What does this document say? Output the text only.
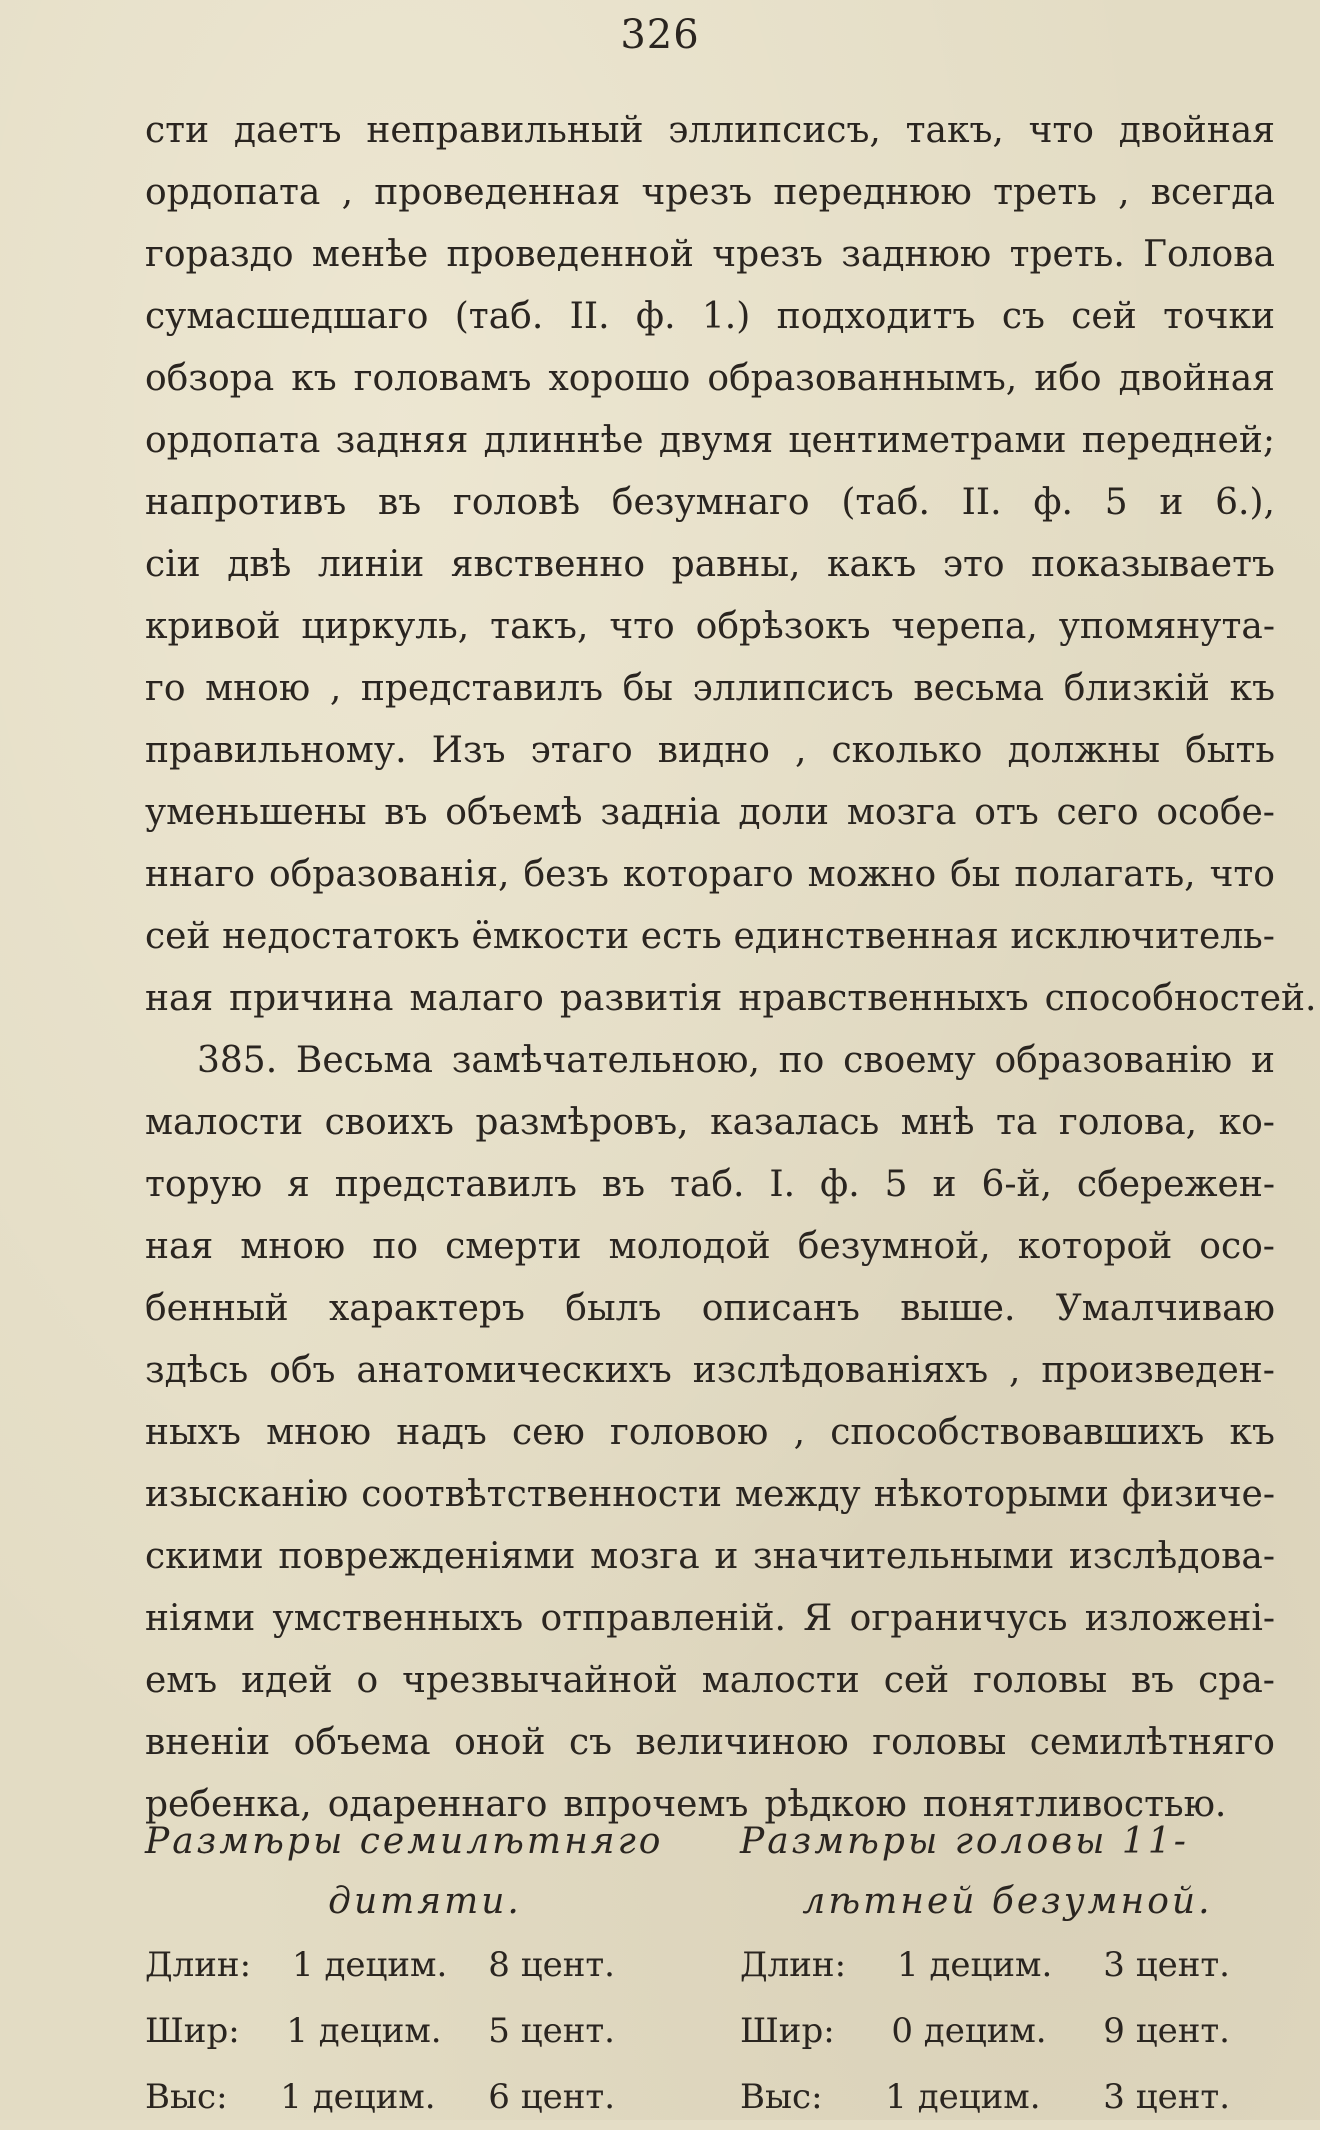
326
сти даетъ неправильный эллипсисъ, такъ, что двойная
ордопата , проведенная чрезъ переднюю треть , всегда
гораздо менѣе проведенной чрезъ заднюю треть. Голова
сумасшедшаго (таб. II. ф. 1.) подходитъ съ сей точки
обзора къ головамъ хорошо образованнымъ, ибо двойная
ордопата задняя длиннѣе двумя центиметрами передней;
напротивъ въ головѣ безумнаго (таб. II. ф. 5 и 6.),
сіи двѣ линіи явственно равны, какъ это показываетъ
кривой циркуль, такъ, что обрѣзокъ черепа, упомянута-
го мною , представилъ бы эллипсисъ весьма близкій къ
правильному. Изъ этаго видно , сколько должны быть
уменьшены въ объемѣ задніа доли мозга отъ сего особе-
ннаго образованія, безъ котораго можно бы полагать, что
сей недостатокъ ёмкости есть единственная исключитель-
ная причина малаго развитія нравственныхъ способностей.
385. Весьма замѣчательною, по своему образованію и
малости своихъ размѣровъ, казалась мнѣ та голова, ко-
торую я представилъ въ таб. I. ф. 5 и 6-й, сбережен-
ная мною по смерти молодой безумной, которой осо-
бенный характеръ былъ описанъ выше. Умалчиваю
здѣсь объ анатомическихъ изслѣдованіяхъ , произведен-
ныхъ мною надъ сею головою , способствовавшихъ къ
изысканію соотвѣтственности между нѣкоторыми физиче-
скими поврежденіями мозга и значительными изслѣдова-
ніями умственныхъ отправленій. Я ограничусь изложені-
емъ идей о чрезвычайной малости сей головы въ сра-
вненіи объема оной съ величиною головы семилѣтняго
ребенка, одареннаго впрочемъ рѣдкою понятливостью.
Размѣры семилѣтняго
дитяти.
Длин: 1 децим. 8 цент.
Шир: 1 децим. 5 цент.
Выс: 1 децим. 6 цент.
Размѣры головы 11-
лѣтней безумной.
Длин: 1 децим. 3 цент.
Шир: 0 децим. 9 цент.
Выс: 1 децим. 3 цент.
